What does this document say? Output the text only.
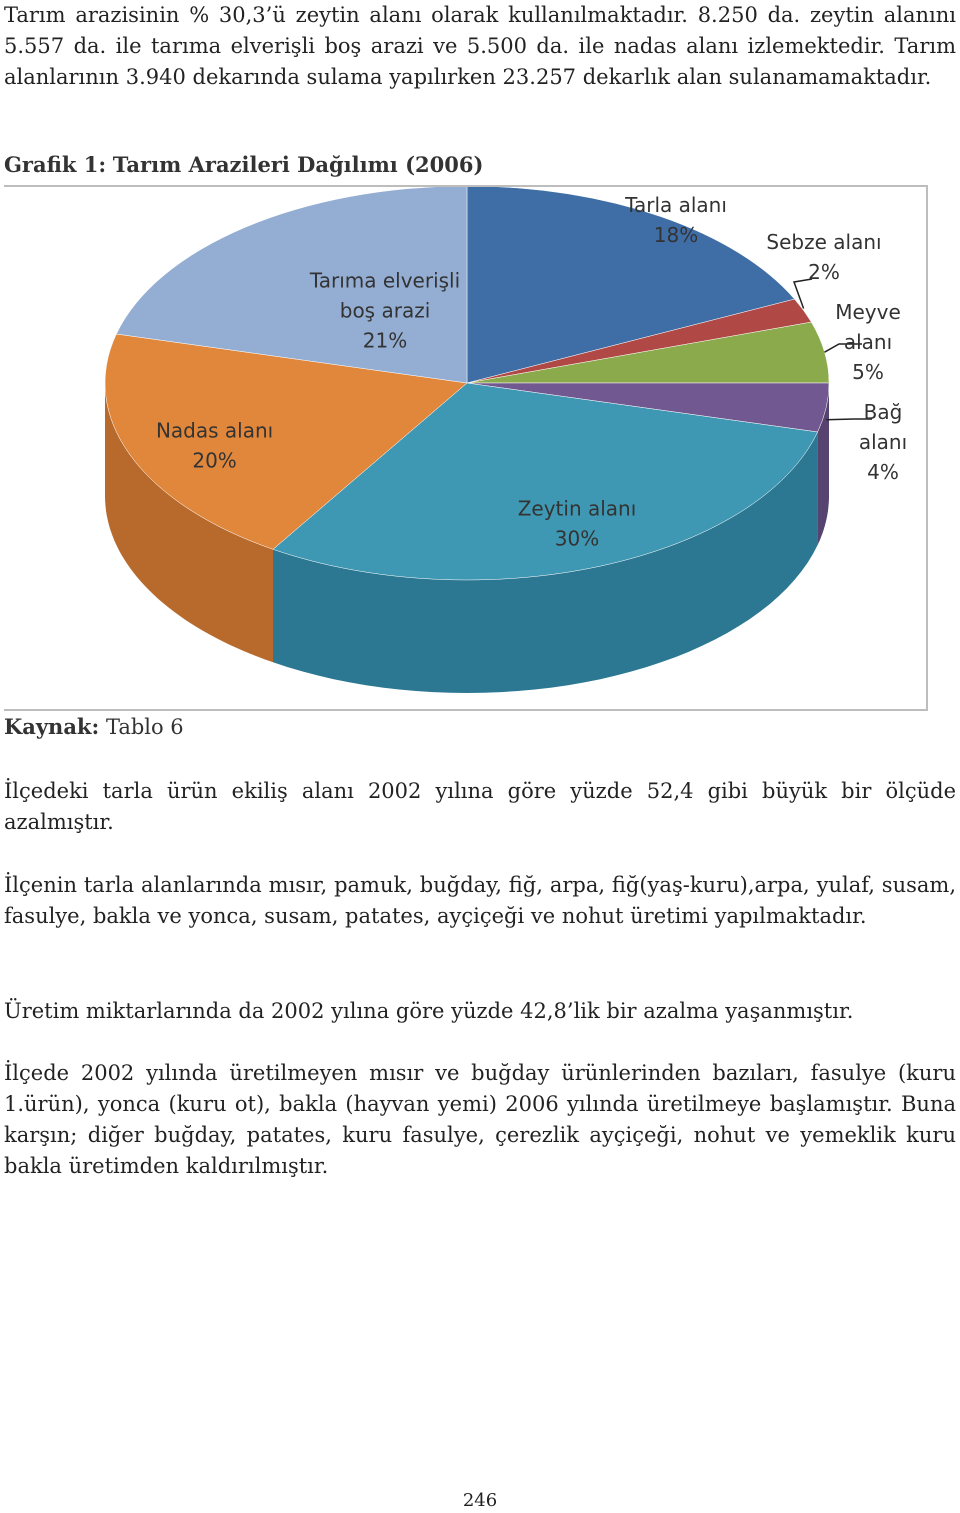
Tarım arazisinin % 30,3’ü zeytin alanı olarak kullanılmaktadır. 8.250 da. zeytin alanını 5.557 da. ile tarıma elverişli boş arazi ve 5.500 da. ile nadas alanı izlemektedir. Tarım alanlarının 3.940 dekarında sulama yapılırken 23.257 dekarlık alan sulanamamaktadır.

Grafik 1: Tarım Arazileri Dağılımı (2006)

Tarla alanı 18%
Zeytin alanı 30%
Nadas alanı 20%
Tarıma elverişli boş arazi 21%
Sebze alanı 2%
Meyve alanı 5%
Bağ alanı 4%

Kaynak: Tablo 6

İlçedeki tarla ürün ekiliş alanı 2002 yılına göre yüzde 52,4 gibi büyük bir ölçüde azalmıştır.

İlçenin tarla alanlarında mısır, pamuk, buğday, fiğ, arpa, fiğ(yaş-kuru),arpa, yulaf, susam, fasulye, bakla ve yonca, susam, patates, ayçiçeği ve nohut üretimi yapılmaktadır.

Üretim miktarlarında da 2002 yılına göre yüzde 42,8’lik bir azalma yaşanmıştır.

İlçede 2002 yılında üretilmeyen mısır ve buğday ürünlerinden bazıları, fasulye (kuru 1.ürün), yonca (kuru ot), bakla (hayvan yemi) 2006 yılında üretilmeye başlamıştır. Buna karşın; diğer buğday, patates, kuru fasulye, çerezlik ayçiçeği, nohut ve yemeklik kuru bakla üretimden kaldırılmıştır.

246
